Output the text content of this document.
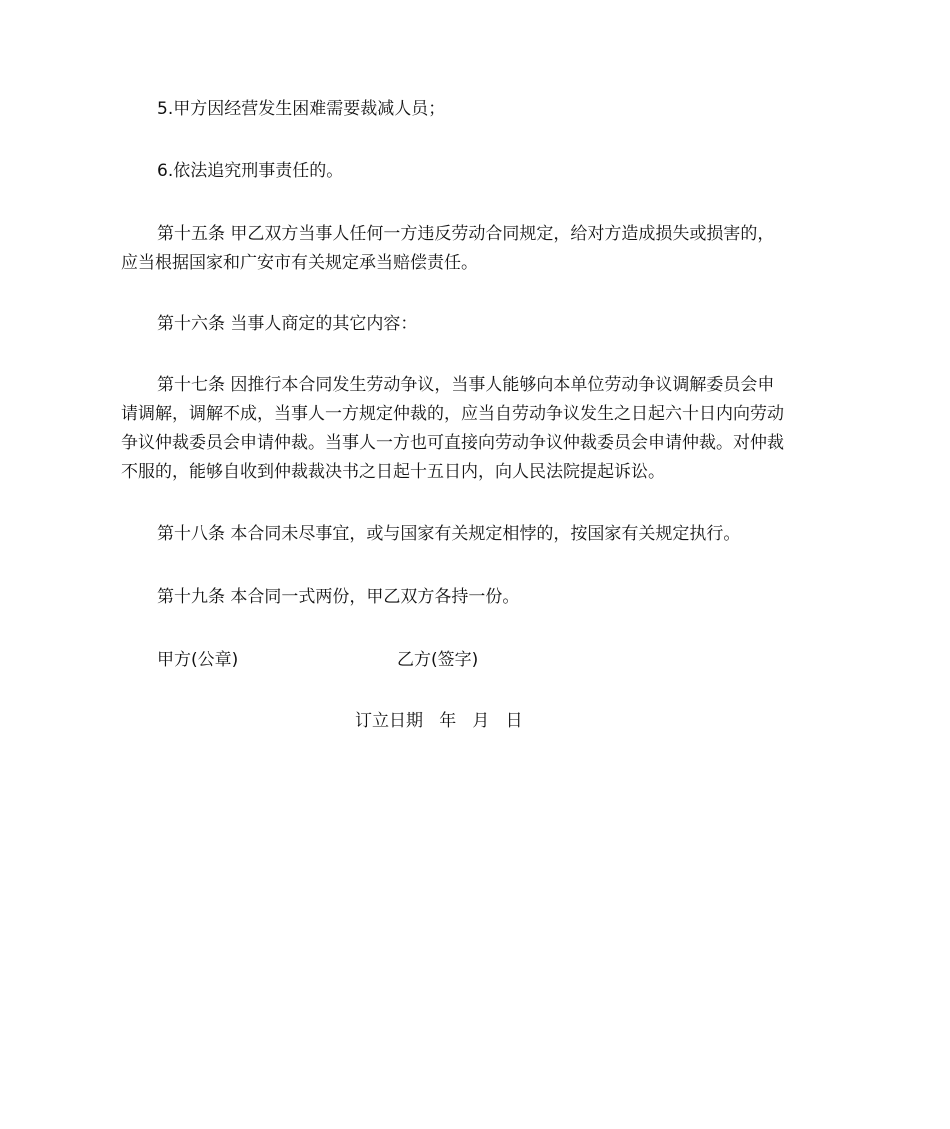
5.甲方因经营发生困难需要裁减人员；

6.依法追究刑事责任的。

第十五条 甲乙双方当事人任何一方违反劳动合同规定，给对方造成损失或损害的，
应当根据国家和广安市有关规定承当赔偿责任。

第十六条 当事人商定的其它内容：

第十七条 因推行本合同发生劳动争议，当事人能够向本单位劳动争议调解委员会申
请调解，调解不成，当事人一方规定仲裁的，应当自劳动争议发生之日起六十日内向劳动
争议仲裁委员会申请仲裁。当事人一方也可直接向劳动争议仲裁委员会申请仲裁。对仲裁
不服的，能够自收到仲裁裁决书之日起十五日内，向人民法院提起诉讼。

第十八条 本合同未尽事宜，或与国家有关规定相悖的，按国家有关规定执行。

第十九条 本合同一式两份，甲乙双方各持一份。

甲方(公章)	乙方(签字)
订立日期   年   月   日
